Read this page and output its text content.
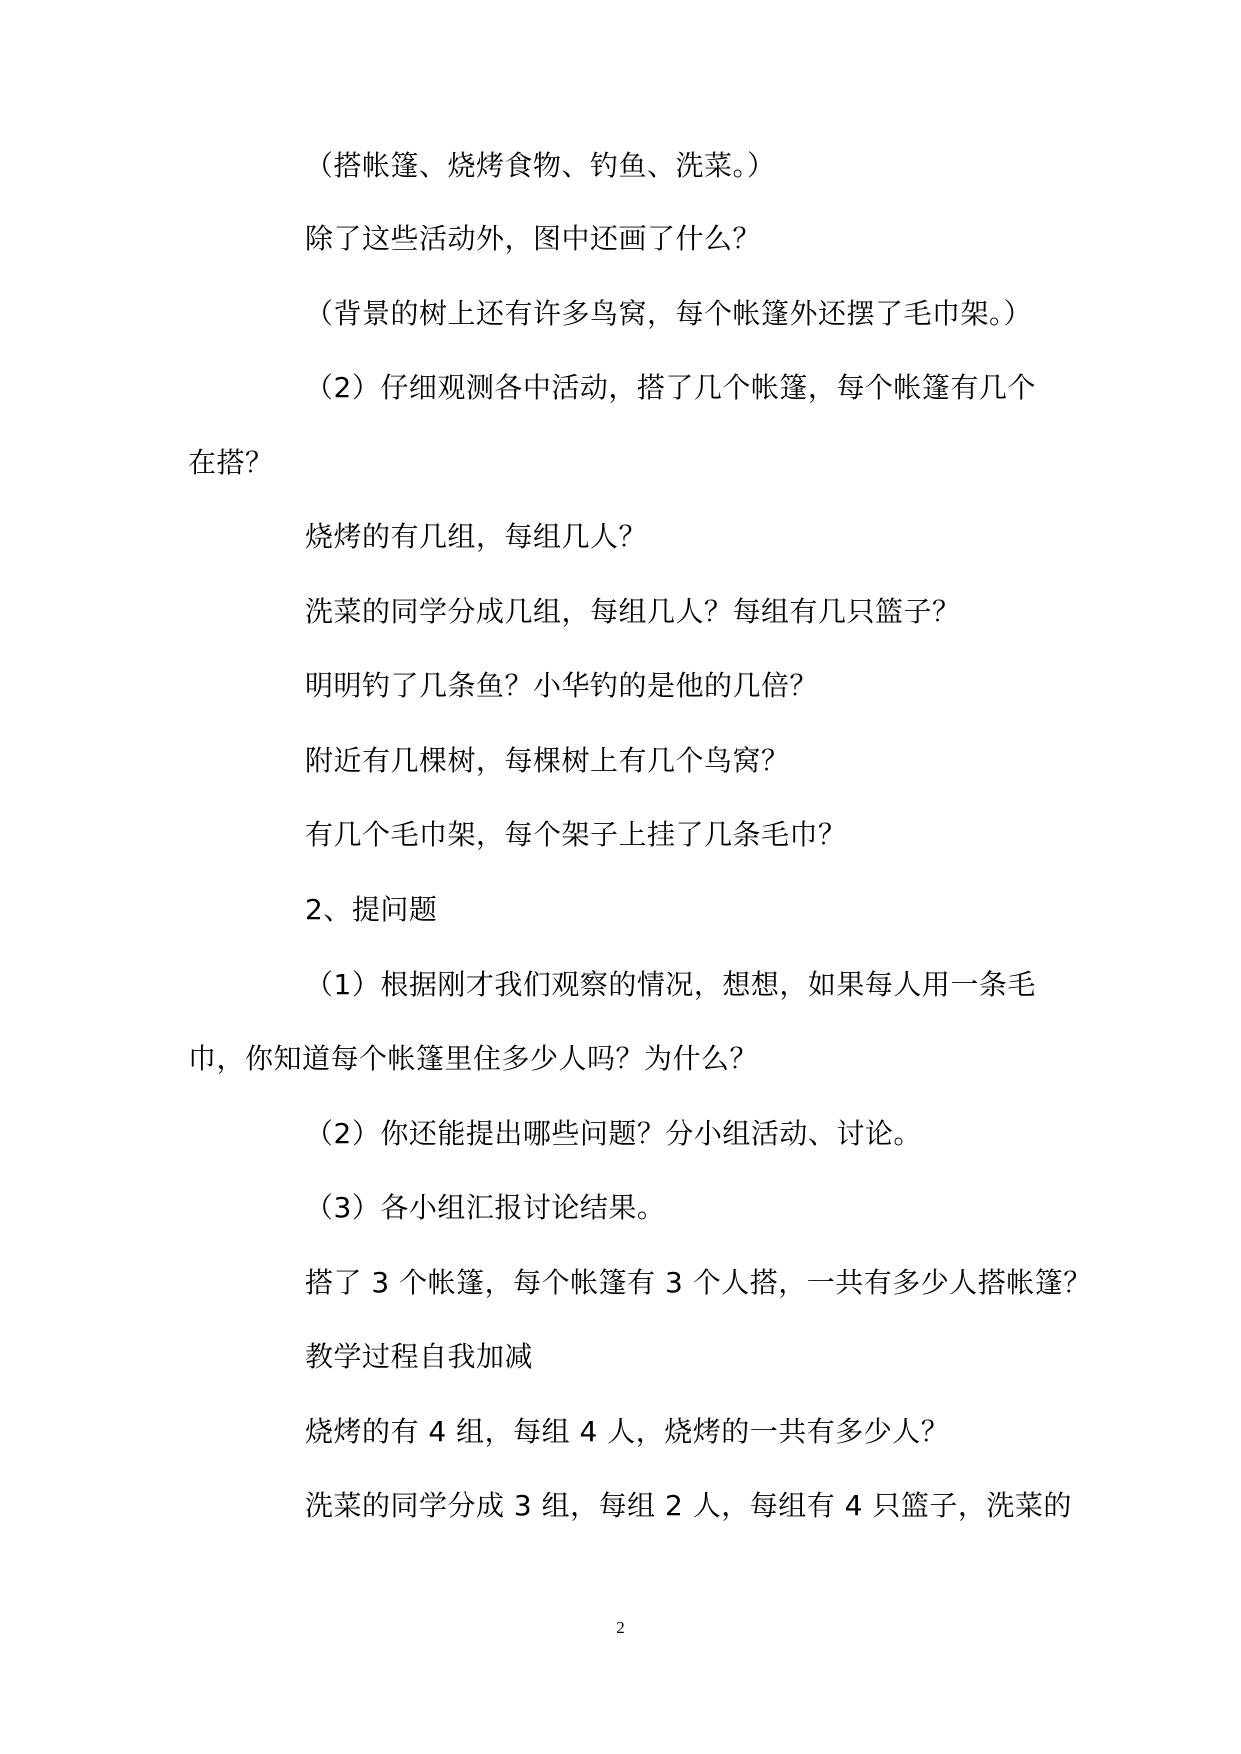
（搭帐篷、烧烤食物、钓鱼、洗菜。）
除了这些活动外，图中还画了什么？
（背景的树上还有许多鸟窝，每个帐篷外还摆了毛巾架。）
（2）仔细观测各中活动，搭了几个帐篷，每个帐篷有几个
在搭？
烧烤的有几组，每组几人？
洗菜的同学分成几组，每组几人？每组有几只篮子？
明明钓了几条鱼？小华钓的是他的几倍？
附近有几棵树，每棵树上有几个鸟窝？
有几个毛巾架，每个架子上挂了几条毛巾？
2、提问题
（1）根据刚才我们观察的情况，想想，如果每人用一条毛
巾，你知道每个帐篷里住多少人吗？为什么？
（2）你还能提出哪些问题？分小组活动、讨论。
（3）各小组汇报讨论结果。
搭了 3 个帐篷，每个帐篷有 3 个人搭，一共有多少人搭帐篷？
教学过程自我加减
烧烤的有 4 组，每组 4 人，烧烤的一共有多少人？
洗菜的同学分成 3 组，每组 2 人，每组有 4 只篮子，洗菜的
2
